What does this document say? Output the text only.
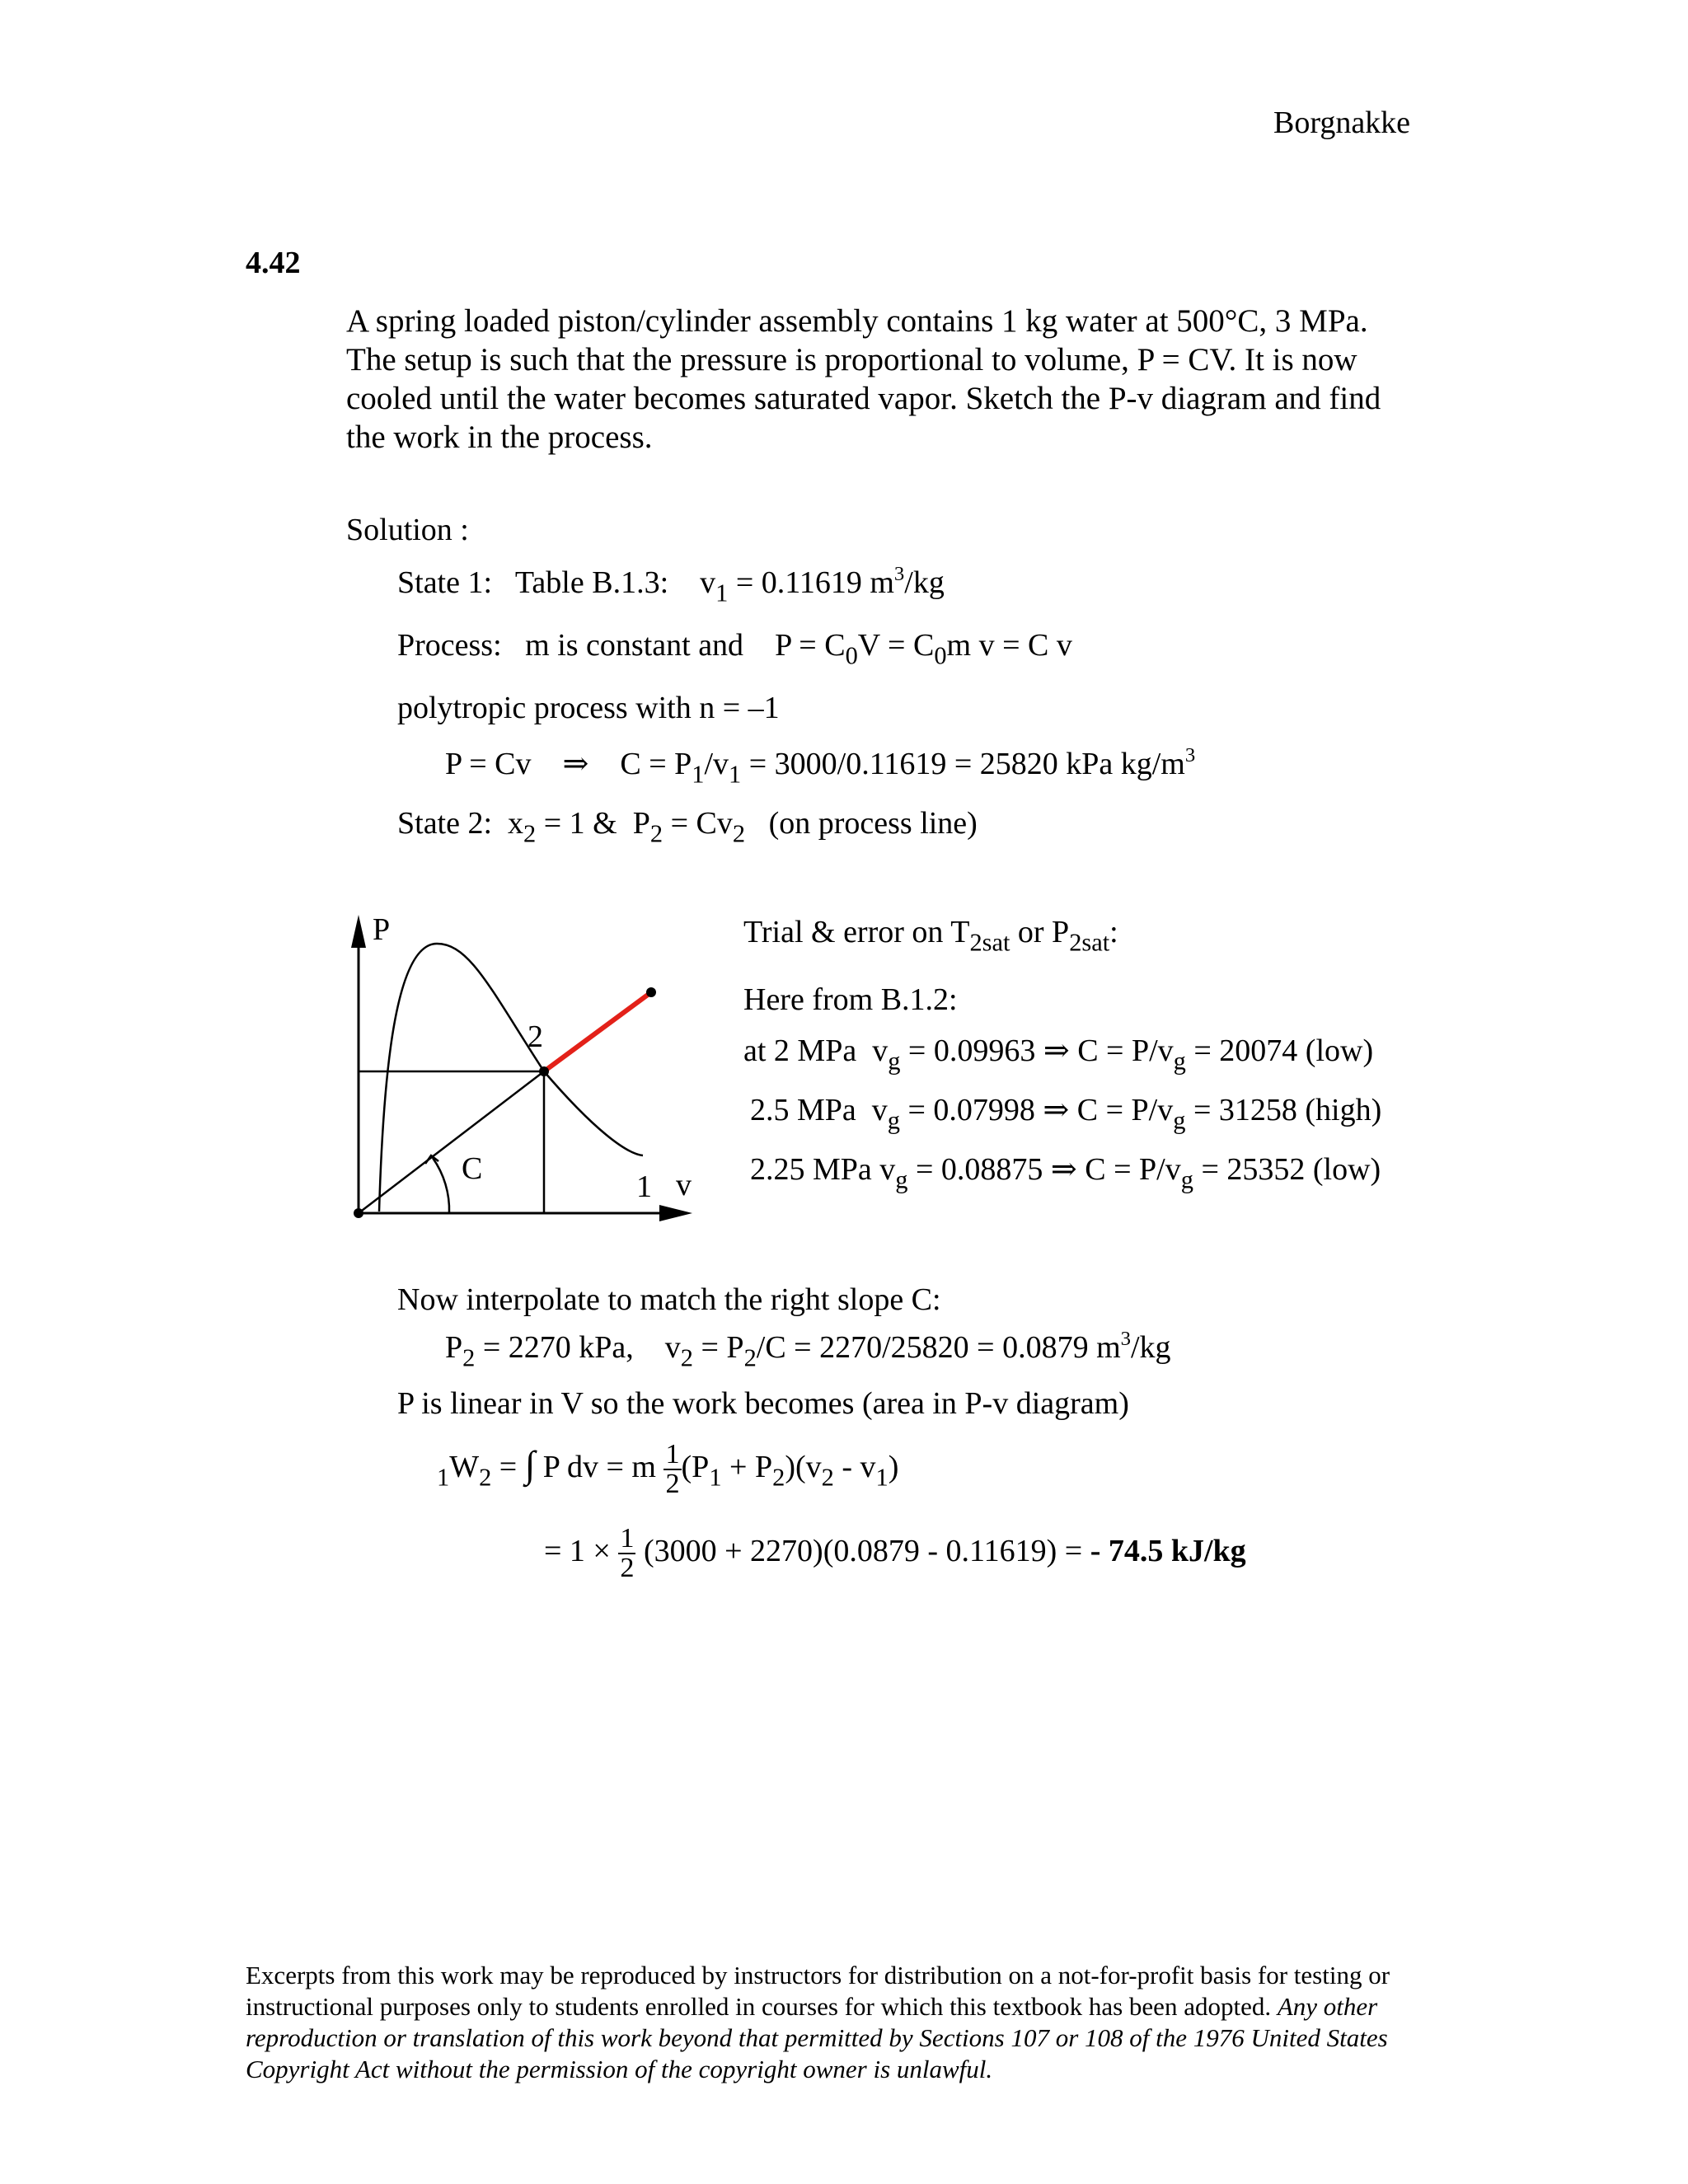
Borgnakke
4.42
A spring loaded piston/cylinder assembly contains 1 kg water at 500°C, 3 MPa.
The setup is such that the pressure is proportional to volume, P = CV. It is now
cooled until the water becomes saturated vapor. Sketch the P-v diagram and find
the work in the process.
Solution :
State 1: Table B.1.3: $v_1 = 0.11619$ $m^3/kg$
Process: m is constant and $P = C_0V = C_0m$ v = C v
polytropic process with n = –1
P = Cv ⇒ $C = P_1/v_1 = 3000/0.11619 = 25820$ kPa $kg/m^3$
State 2: $x_2 = 1$ & $P_2 = Cv_2$ (on process line)
P
1
2
C	v
Trial & error on $T_{2sat}$ or $P_{2sat}$:
Here from B.1.2:
at 2 MPa  $v_g = 0.09963$ ⇒ $C = P/v_g = 20074$ (low)
2.5 MPa  $v_g = 0.07998$ ⇒ $C = P/v_g = 31258$ (high)
2.25 MPa $v_g = 0.08875$ ⇒ $C = P/v_g = 25352$ (low)
Now interpolate to match the right slope C:
$P_2 = 2270$ kPa,    $v_2 = P_2/C = 2270/25820 = 0.0879$ $m^3/kg$
P is linear in V so the work becomes (area in P-v diagram)
$_1W_2$ = ∫ P dv = m $\frac{1}{2} (P_1 + P_2)(v_2 - v_1)$
= $1 \times \frac{1}{2} (3000 + 2270)(0.0879 - 0.11619)$ = - 74.5 kJ/kg
Excerpts from this work may be reproduced by instructors for distribution on a not-for-profit basis for testing or instructional purposes only to students enrolled in courses for which this textbook has been adopted. Any other reproduction or translation of this work beyond that permitted by Sections 107 or 108 of the 1976 United States Copyright Act without the permission of the copyright owner is unlawful.
